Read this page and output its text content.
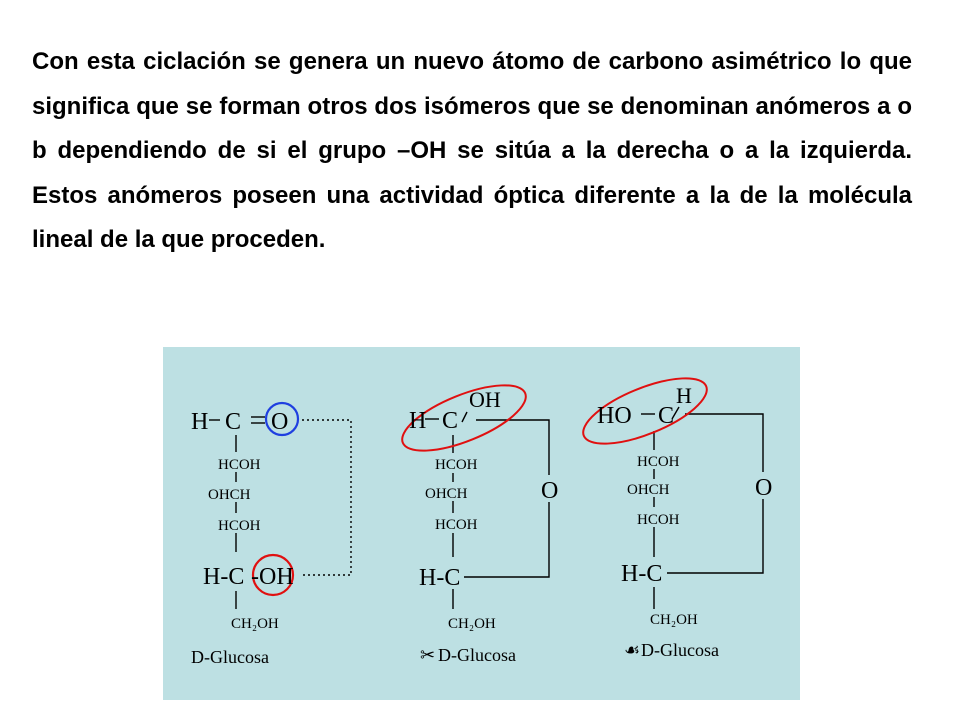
Con esta ciclación se genera un nuevo átomo de carbono asimétrico lo que significa que se forman otros dos isómeros que se denominan anómeros a o b dependiendo de si el grupo –OH se sitúa a la derecha o a la izquierda. Estos anómeros poseen una actividad óptica diferente a la de la molécula lineal de la que proceden.

H C O
HCOH
OHCH
HCOH
H-C -OH
CH₂OH
D-Glucosa
H C
OH
HCOH
OHCH
HCOH
O
H-C
CH₂OH
✂ D-Glucosa
HO C
H
HCOH
OHCH
HCOH
O
H-C
CH₂OH
☙ D-Glucosa
